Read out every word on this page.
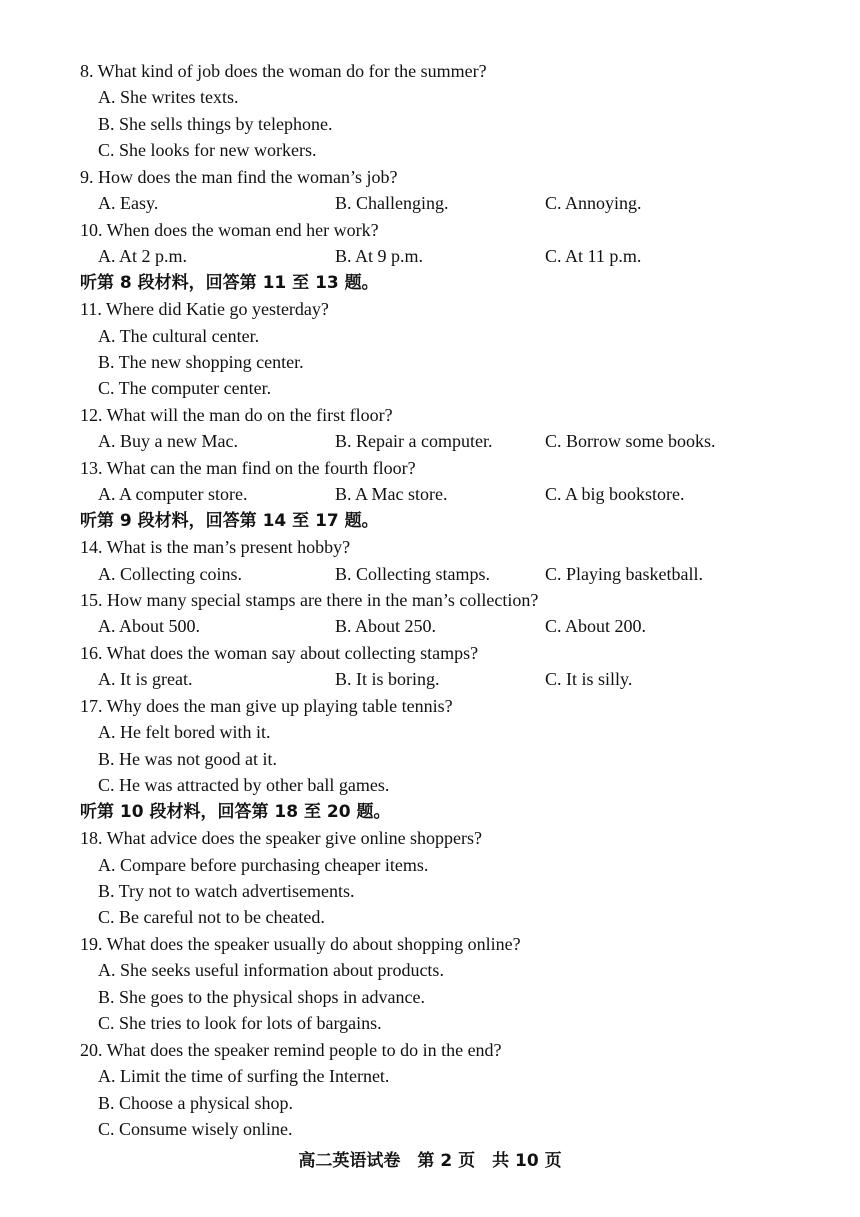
8. What kind of job does the woman do for the summer?
A. She writes texts.
B. She sells things by telephone.
C. She looks for new workers.
9. How does the man find the woman’s job?
A. Easy.	B. Challenging.	C. Annoying.
10. When does the woman end her work?
A. At 2 p.m.	B. At 9 p.m.	C. At 11 p.m.
听第 8 段材料，回答第 11 至 13 题。
11. Where did Katie go yesterday?
A. The cultural center.
B. The new shopping center.
C. The computer center.
12. What will the man do on the first floor?
A. Buy a new Mac.	B. Repair a computer.	C. Borrow some books.
13. What can the man find on the fourth floor?
A. A computer store.	B. A Mac store.	C. A big bookstore.
听第 9 段材料，回答第 14 至 17 题。
14. What is the man’s present hobby?
A. Collecting coins.	B. Collecting stamps.	C. Playing basketball.
15. How many special stamps are there in the man’s collection?
A. About 500.	B. About 250.	C. About 200.
16. What does the woman say about collecting stamps?
A. It is great.	B. It is boring.	C. It is silly.
17. Why does the man give up playing table tennis?
A. He felt bored with it.
B. He was not good at it.
C. He was attracted by other ball games.
听第 10 段材料，回答第 18 至 20 题。
18. What advice does the speaker give online shoppers?
A. Compare before purchasing cheaper items.
B. Try not to watch advertisements.
C. Be careful not to be cheated.
19. What does the speaker usually do about shopping online?
A. She seeks useful information about products.
B. She goes to the physical shops in advance.
C. She tries to look for lots of bargains.
20. What does the speaker remind people to do in the end?
A. Limit the time of surfing the Internet.
B. Choose a physical shop.
C. Consume wisely online.
高二英语试卷　第 2 页　共 10 页
